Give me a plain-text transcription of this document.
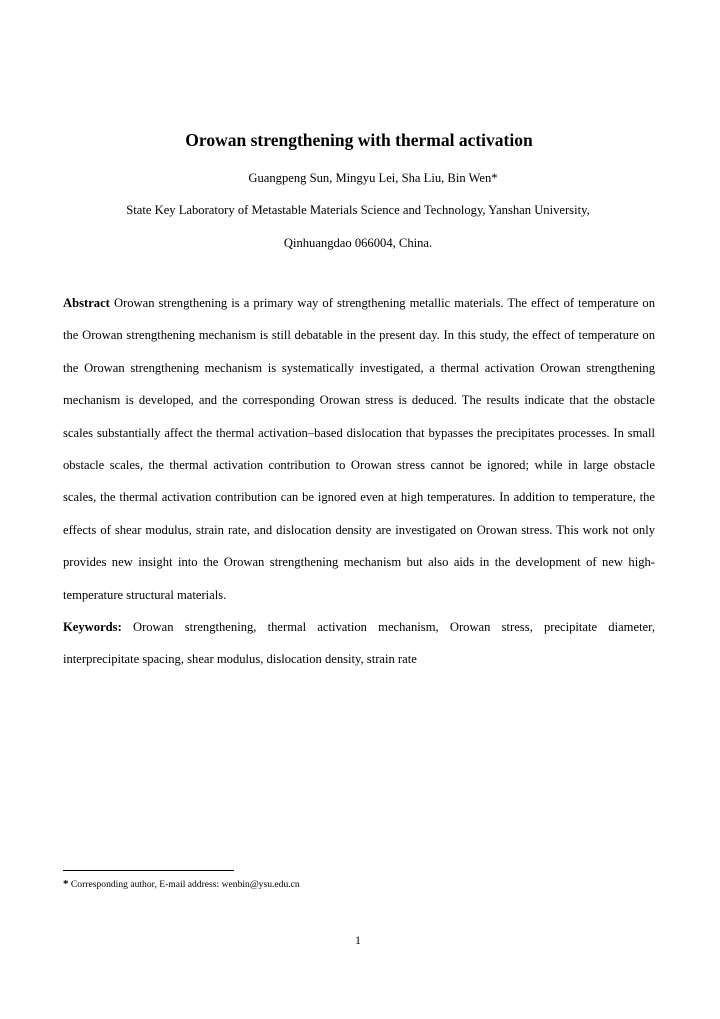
Orowan strengthening with thermal activation
Guangpeng Sun, Mingyu Lei, Sha Liu, Bin Wen*
State Key Laboratory of Metastable Materials Science and Technology, Yanshan University,
Qinhuangdao 066004, China.

Abstract Orowan strengthening is a primary way of strengthening metallic materials. The effect of temperature on the Orowan strengthening mechanism is still debatable in the present day. In this study, the effect of temperature on the Orowan strengthening mechanism is systematically investigated, a thermal activation Orowan strengthening mechanism is developed, and the corresponding Orowan stress is deduced. The results indicate that the obstacle scales substantially affect the thermal activation–based dislocation that bypasses the precipitates processes. In small obstacle scales, the thermal activation contribution to Orowan stress cannot be ignored; while in large obstacle scales, the thermal activation contribution can be ignored even at high temperatures. In addition to temperature, the effects of shear modulus, strain rate, and dislocation density are investigated on Orowan stress. This work not only provides new insight into the Orowan strengthening mechanism but also aids in the development of new high-temperature structural materials.

Keywords: Orowan strengthening, thermal activation mechanism, Orowan stress, precipitate diameter, interprecipitate spacing, shear modulus, dislocation density, strain rate

* Corresponding author, E-mail address: wenbin@ysu.edu.cn
1
